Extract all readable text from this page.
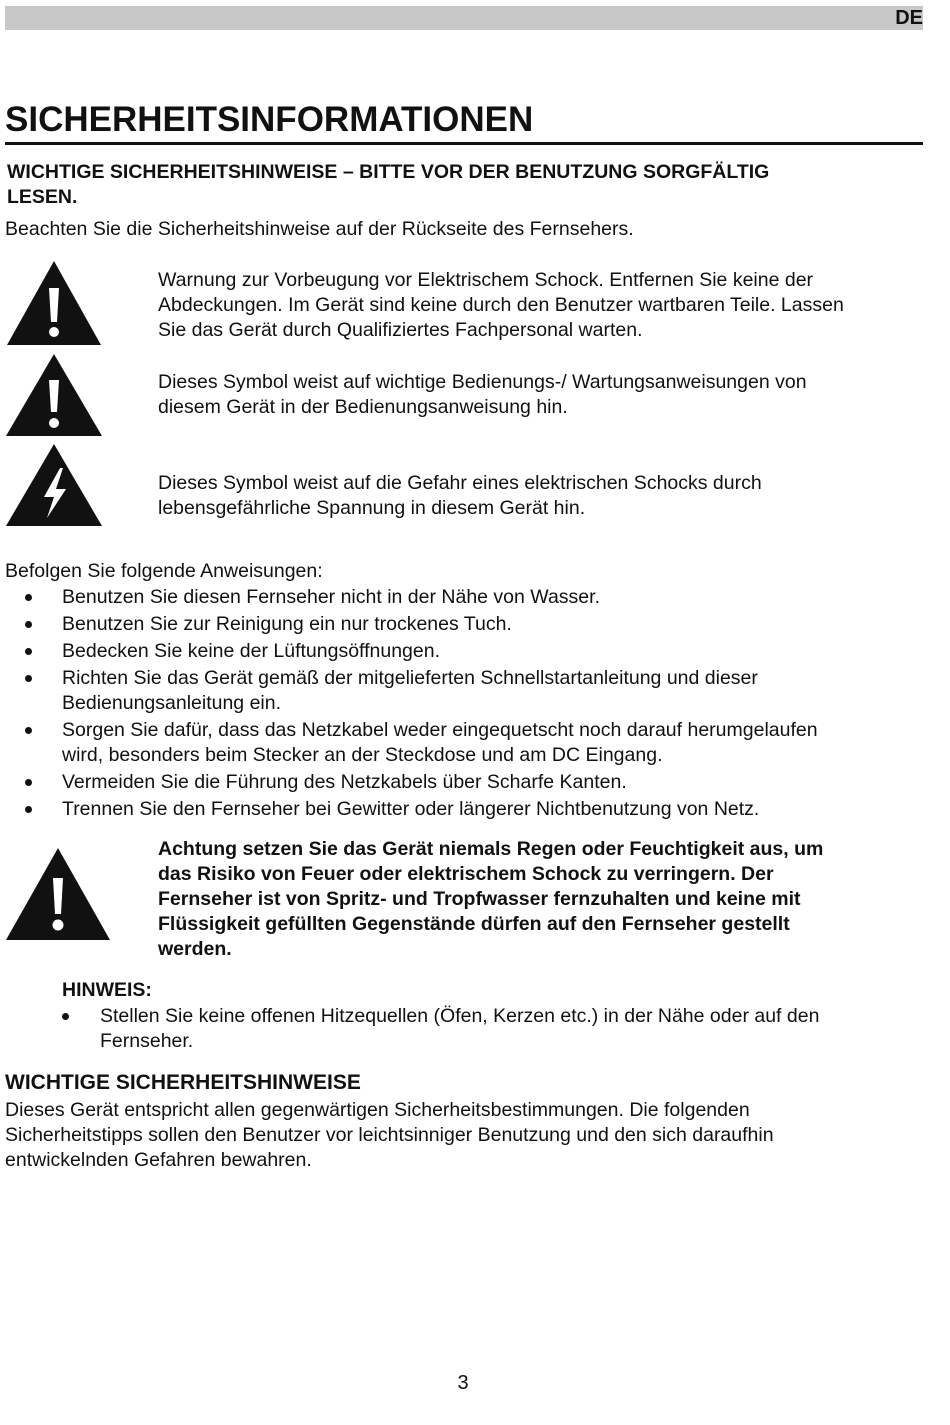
DE
SICHERHEITSINFORMATIONEN
WICHTIGE SICHERHEITSHINWEISE – BITTE VOR DER BENUTZUNG SORGFÄLTIG
LESEN.
Beachten Sie die Sicherheitshinweise auf der Rückseite des Fernsehers.
Warnung zur Vorbeugung vor Elektrischem Schock. Entfernen Sie keine der
Abdeckungen. Im Gerät sind keine durch den Benutzer wartbaren Teile. Lassen
Sie das Gerät durch Qualifiziertes Fachpersonal warten.
Dieses Symbol weist auf wichtige Bedienungs-/ Wartungsanweisungen von
diesem Gerät in der Bedienungsanweisung hin.
Dieses Symbol weist auf die Gefahr eines elektrischen Schocks durch
lebensgefährliche Spannung in diesem Gerät hin.
Befolgen Sie folgende Anweisungen:
Benutzen Sie diesen Fernseher nicht in der Nähe von Wasser.
Benutzen Sie zur Reinigung ein nur trockenes Tuch.
Bedecken Sie keine der Lüftungsöffnungen.
Richten Sie das Gerät gemäß der mitgelieferten Schnellstartanleitung und dieser
Bedienungsanleitung ein.
Sorgen Sie dafür, dass das Netzkabel weder eingequetscht noch darauf herumgelaufen
wird, besonders beim Stecker an der Steckdose und am DC Eingang.
Vermeiden Sie die Führung des Netzkabels über Scharfe Kanten.
Trennen Sie den Fernseher bei Gewitter oder längerer Nichtbenutzung von Netz.
Achtung setzen Sie das Gerät niemals Regen oder Feuchtigkeit aus, um
das Risiko von Feuer oder elektrischem Schock zu verringern. Der
Fernseher ist von Spritz- und Tropfwasser fernzuhalten und keine mit
Flüssigkeit gefüllten Gegenstände dürfen auf den Fernseher gestellt
werden.
HINWEIS:
Stellen Sie keine offenen Hitzequellen (Öfen, Kerzen etc.) in der Nähe oder auf den
Fernseher.
WICHTIGE SICHERHEITSHINWEISE
Dieses Gerät entspricht allen gegenwärtigen Sicherheitsbestimmungen. Die folgenden
Sicherheitstipps sollen den Benutzer vor leichtsinniger Benutzung und den sich daraufhin
entwickelnden Gefahren bewahren.
3
